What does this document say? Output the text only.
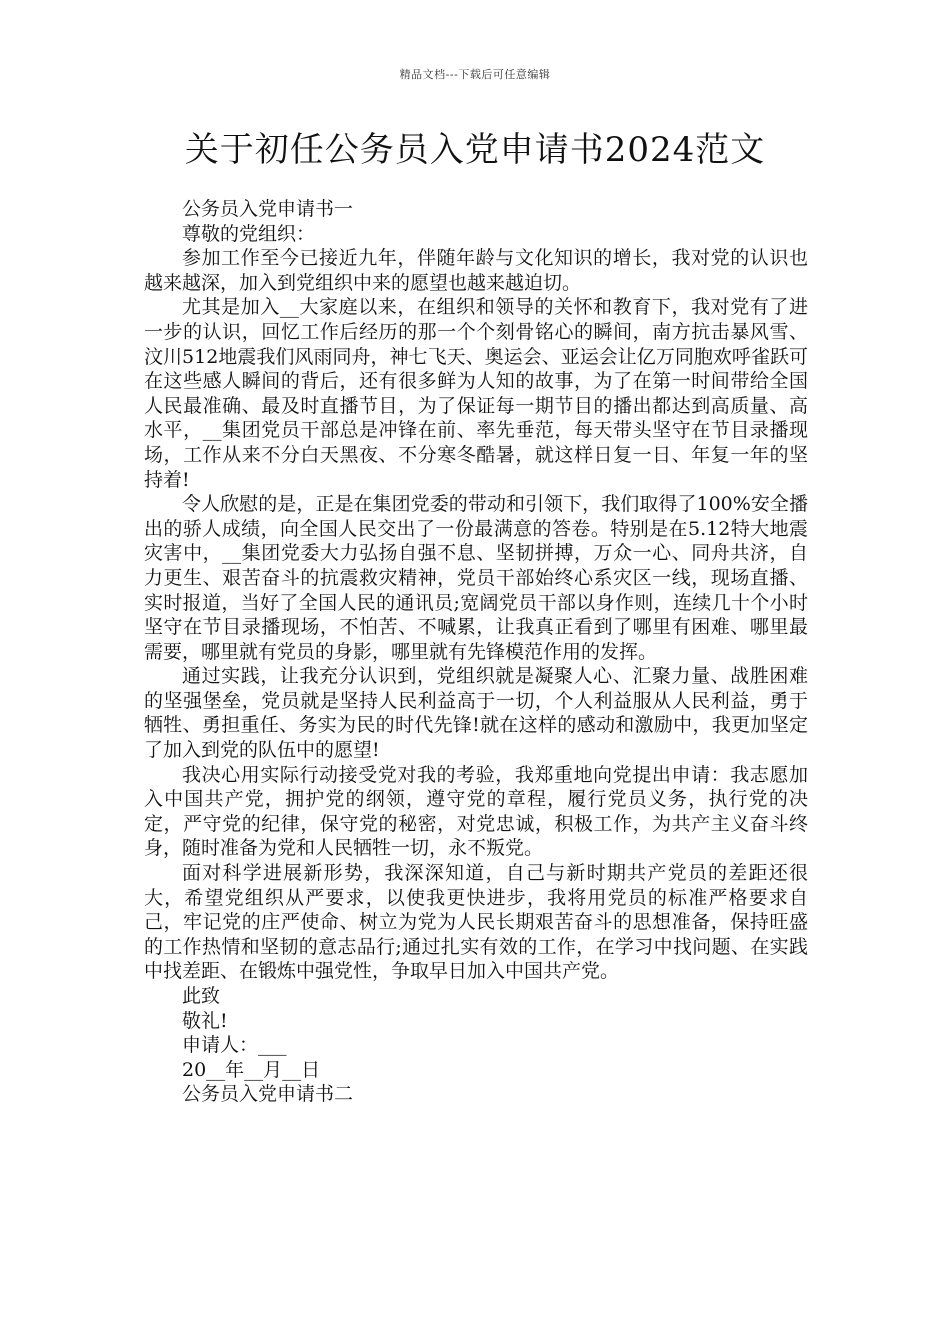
精品文档---下载后可任意编辑
关于初任公务员入党申请书2024范文

公务员入党申请书一

尊敬的党组织：

参加工作至今已接近九年，伴随年龄与文化知识的增长，我对党的认识也越来越深，加入到党组织中来的愿望也越来越迫切。

尤其是加入__大家庭以来，在组织和领导的关怀和教育下，我对党有了进一步的认识，回忆工作后经历的那一个个刻骨铭心的瞬间，南方抗击暴风雪、汶川512地震我们风雨同舟，神七飞天、奥运会、亚运会让亿万同胞欢呼雀跃可在这些感人瞬间的背后，还有很多鲜为人知的故事，为了在第一时间带给全国人民最准确、最及时直播节目，为了保证每一期节目的播出都达到高质量、高水平，__集团党员干部总是冲锋在前、率先垂范，每天带头坚守在节目录播现场，工作从来不分白天黑夜、不分寒冬酷暑，就这样日复一日、年复一年的坚持着!

令人欣慰的是，正是在集团党委的带动和引领下，我们取得了100%安全播出的骄人成绩，向全国人民交出了一份最满意的答卷。特别是在5.12特大地震灾害中，__集团党委大力弘扬自强不息、坚韧拼搏，万众一心、同舟共济，自力更生、艰苦奋斗的抗震救灾精神，党员干部始终心系灾区一线，现场直播、实时报道，当好了全国人民的通讯员;宽阔党员干部以身作则，连续几十个小时坚守在节目录播现场，不怕苦、不喊累，让我真正看到了哪里有困难、哪里最需要，哪里就有党员的身影，哪里就有先锋模范作用的发挥。

通过实践，让我充分认识到，党组织就是凝聚人心、汇聚力量、战胜困难的坚强堡垒，党员就是坚持人民利益高于一切，个人利益服从人民利益，勇于牺牲、勇担重任、务实为民的时代先锋!就在这样的感动和激励中，我更加坚定了加入到党的队伍中的愿望!

我决心用实际行动接受党对我的考验，我郑重地向党提出申请：我志愿加入中国共产党，拥护党的纲领，遵守党的章程，履行党员义务，执行党的决定，严守党的纪律，保守党的秘密，对党忠诚，积极工作，为共产主义奋斗终身，随时准备为党和人民牺牲一切，永不叛党。

面对科学进展新形势，我深深知道，自己与新时期共产党员的差距还很大，希望党组织从严要求，以使我更快进步，我将用党员的标准严格要求自己，牢记党的庄严使命、树立为党为人民长期艰苦奋斗的思想准备，保持旺盛的工作热情和坚韧的意志品行;通过扎实有效的工作，在学习中找问题、在实践中找差距、在锻炼中强党性，争取早日加入中国共产党。

此致

敬礼!

申请人：___

20__年__月__日

公务员入党申请书二
